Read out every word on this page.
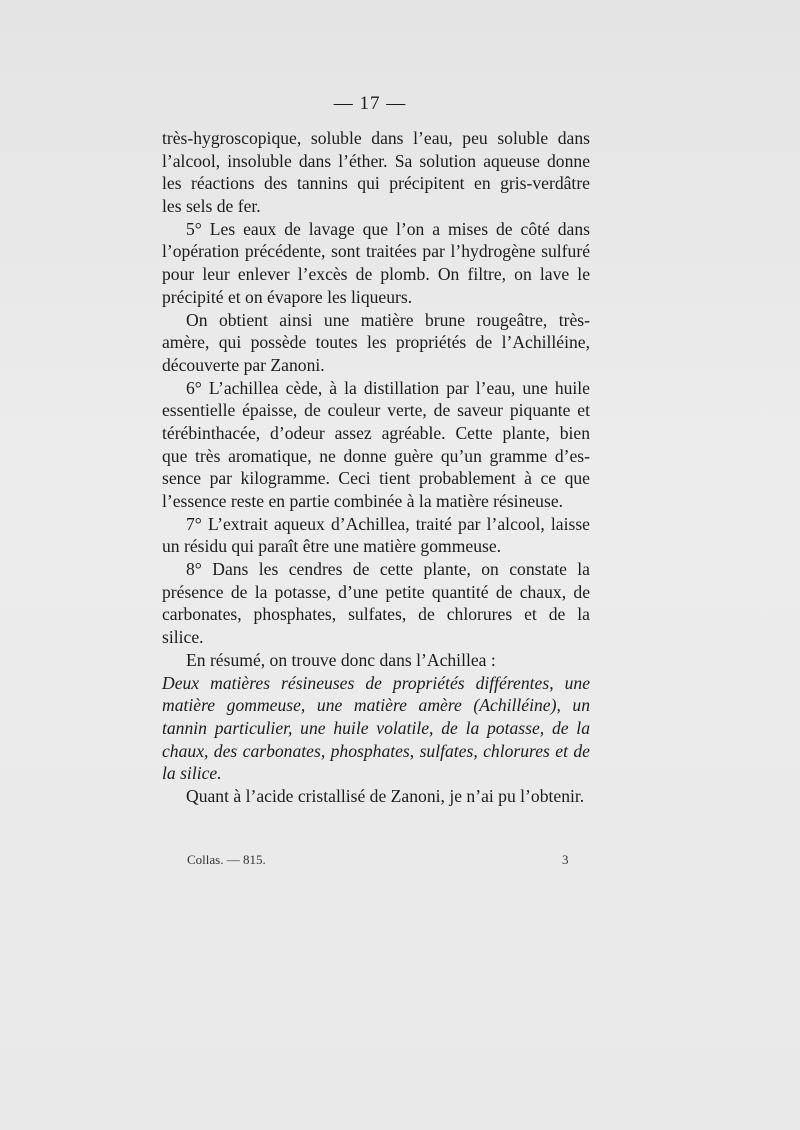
— 17 —
très-hygroscopique, soluble dans l’eau, peu soluble dans
l’alcool, insoluble dans l’éther. Sa solution aqueuse donne
les réactions des tannins qui précipitent en gris-verdâtre
les sels de fer.
5° Les eaux de lavage que l’on a mises de côté dans
l’opération précédente, sont traitées par l’hydrogène sulfuré
pour leur enlever l’excès de plomb. On filtre, on lave le
précipité et on évapore les liqueurs.
On obtient ainsi une matière brune rougeâtre, très-
amère, qui possède toutes les propriétés de l’Achilléine,
découverte par Zanoni.
6° L’achillea cède, à la distillation par l’eau, une huile
essentielle épaisse, de couleur verte, de saveur piquante et
térébinthacée, d’odeur assez agréable. Cette plante, bien
que très aromatique, ne donne guère qu’un gramme d’es-
sence par kilogramme. Ceci tient probablement à ce que
l’essence reste en partie combinée à la matière résineuse.
7° L’extrait aqueux d’Achillea, traité par l’alcool, laisse
un résidu qui paraît être une matière gommeuse.
8° Dans les cendres de cette plante, on constate la
présence de la potasse, d’une petite quantité de chaux, de
carbonates, phosphates, sulfates, de chlorures et de la
silice.
En résumé, on trouve donc dans l’Achillea :
Deux matières résineuses de propriétés différentes, une
matière gommeuse, une matière amère (Achilléine), un
tannin particulier, une huile volatile, de la potasse, de la
chaux, des carbonates, phosphates, sulfates, chlorures et de
la silice.
Quant à l’acide cristallisé de Zanoni, je n’ai pu l’obtenir.
Collas. — 815.	3
